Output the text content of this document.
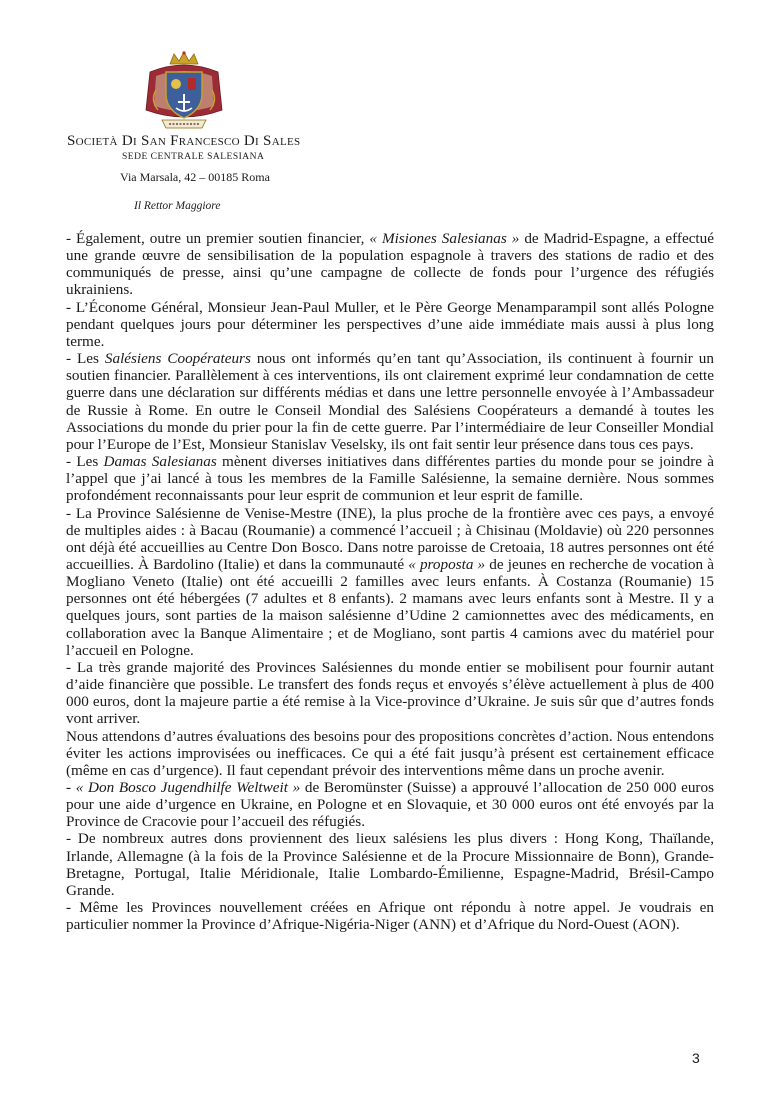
Società Di San Francesco Di Sales
SEDE CENTRALE SALESIANA
Via Marsala, 42 – 00185 Roma
Il Rettor Maggiore

- Également, outre un premier soutien financier, « Misiones Salesianas » de Madrid-Espagne, a effectué une grande œuvre de sensibilisation de la population espagnole à travers des stations de radio et des communiqués de presse, ainsi qu’une campagne de collecte de fonds pour l’urgence des réfugiés ukrainiens.

- L’Économe Général, Monsieur Jean-Paul Muller, et le Père George Menamparampil sont allés Pologne pendant quelques jours pour déterminer les perspectives d’une aide immédiate mais aussi à plus long terme.

- Les Salésiens Coopérateurs nous ont informés qu’en tant qu’Association, ils continuent à fournir un soutien financier. Parallèlement à ces interventions, ils ont clairement exprimé leur condamnation de cette guerre dans une déclaration sur différents médias et dans une lettre personnelle envoyée à l’Ambassadeur de Russie à Rome. En outre le Conseil Mondial des Salésiens Coopérateurs a demandé à toutes les Associations du monde du prier pour la fin de cette guerre. Par l’intermédiaire de leur Conseiller Mondial pour l’Europe de l’Est, Monsieur Stanislav Veselsky, ils ont fait sentir leur présence dans tous ces pays.

- Les Damas Salesianas mènent diverses initiatives dans différentes parties du monde pour se joindre à l’appel que j’ai lancé à tous les membres de la Famille Salésienne, la semaine dernière. Nous sommes profondément reconnaissants pour leur esprit de communion et leur esprit de famille.

- La Province Salésienne de Venise-Mestre (INE), la plus proche de la frontière avec ces pays, a envoyé de multiples aides : à Bacau (Roumanie) a commencé l’accueil ; à Chisinau (Moldavie) où 220 personnes ont déjà été accueillies au Centre Don Bosco. Dans notre paroisse de Cretoaia, 18 autres personnes ont été accueillies. À Bardolino (Italie) et dans la communauté « proposta » de jeunes en recherche de vocation à Mogliano Veneto (Italie) ont été accueilli 2 familles avec leurs enfants. À Costanza (Roumanie) 15 personnes ont été hébergées (7 adultes et 8 enfants). 2 mamans avec leurs enfants sont à Mestre. Il y a quelques jours, sont parties de la maison salésienne d’Udine 2 camionnettes avec des médicaments, en collaboration avec la Banque Alimentaire ; et de Mogliano, sont partis 4 camions avec du matériel pour l’accueil en Pologne.

- La très grande majorité des Provinces Salésiennes du monde entier se mobilisent pour fournir autant d’aide financière que possible. Le transfert des fonds reçus et envoyés s’élève actuellement à plus de 400 000 euros, dont la majeure partie a été remise à la Vice-province d’Ukraine. Je suis sûr que d’autres fonds vont arriver.

Nous attendons d’autres évaluations des besoins pour des propositions concrètes d’action. Nous entendons éviter les actions improvisées ou inefficaces. Ce qui a été fait jusqu’à présent est certainement efficace (même en cas d’urgence). Il faut cependant prévoir des interventions même dans un proche avenir.

- « Don Bosco Jugendhilfe Weltweit » de Beromünster (Suisse) a approuvé l’allocation de 250 000 euros pour une aide d’urgence en Ukraine, en Pologne et en Slovaquie, et 30 000 euros ont été envoyés par la Province de Cracovie pour l’accueil des réfugiés.

- De nombreux autres dons proviennent des lieux salésiens les plus divers : Hong Kong, Thaïlande, Irlande, Allemagne (à la fois de la Province Salésienne et de la Procure Missionnaire de Bonn), Grande-Bretagne, Portugal, Italie Méridionale, Italie Lombardo-Émilienne, Espagne-Madrid, Brésil-Campo Grande.

- Même les Provinces nouvellement créées en Afrique ont répondu à notre appel. Je voudrais en particulier nommer la Province d’Afrique-Nigéria-Niger (ANN) et d’Afrique du Nord-Ouest (AON).

3
